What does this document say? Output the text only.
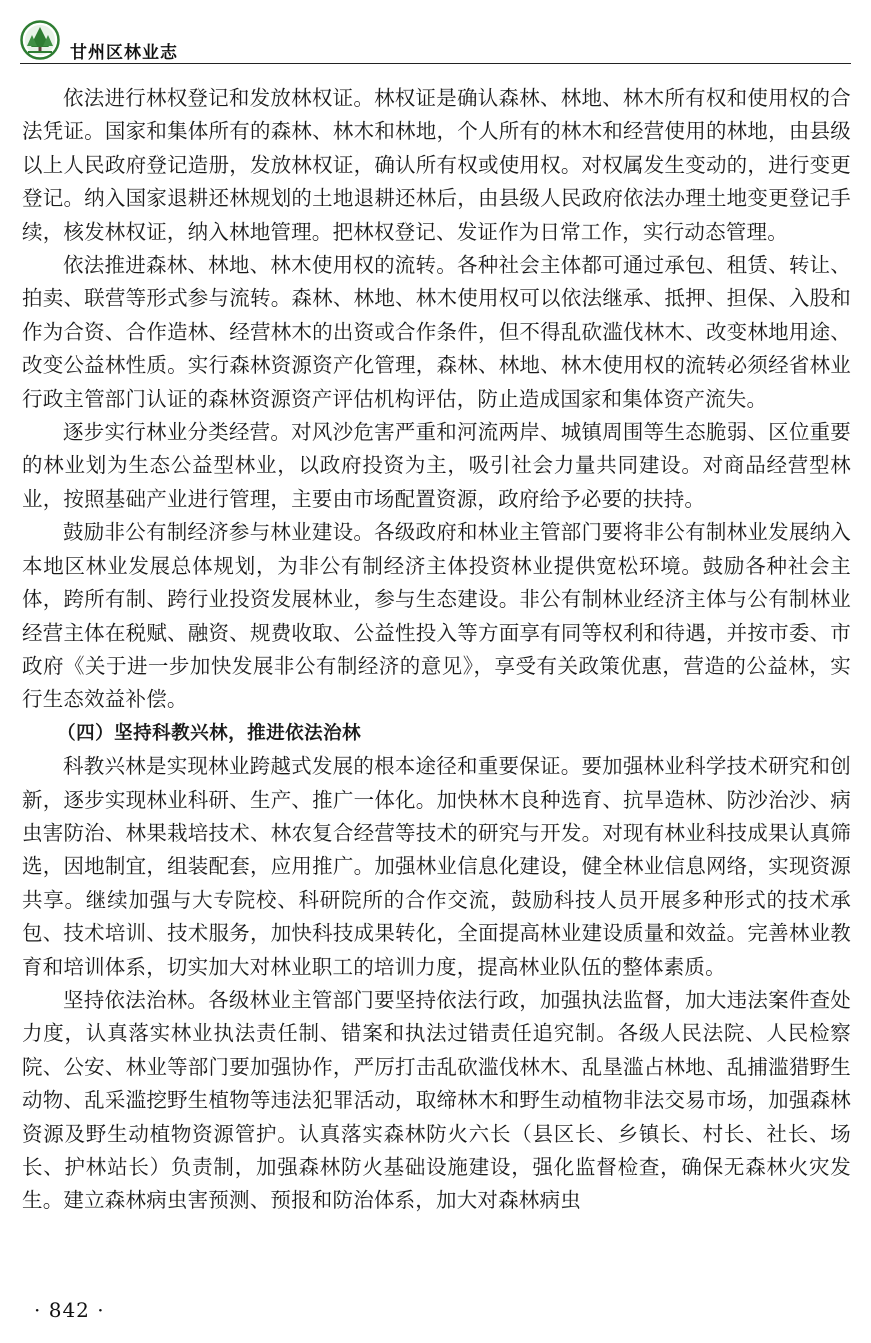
甘州区林业志

依法进行林权登记和发放林权证。林权证是确认森林、林地、林木所有权和使用权的合法凭证。国家和集体所有的森林、林木和林地，个人所有的林木和经营使用的林地，由县级以上人民政府登记造册，发放林权证，确认所有权或使用权。对权属发生变动的，进行变更登记。纳入国家退耕还林规划的土地退耕还林后，由县级人民政府依法办理土地变更登记手续，核发林权证，纳入林地管理。把林权登记、发证作为日常工作，实行动态管理。

依法推进森林、林地、林木使用权的流转。各种社会主体都可通过承包、租赁、转让、拍卖、联营等形式参与流转。森林、林地、林木使用权可以依法继承、抵押、担保、入股和作为合资、合作造林、经营林木的出资或合作条件，但不得乱砍滥伐林木、改变林地用途、改变公益林性质。实行森林资源资产化管理，森林、林地、林木使用权的流转必须经省林业行政主管部门认证的森林资源资产评估机构评估，防止造成国家和集体资产流失。

逐步实行林业分类经营。对风沙危害严重和河流两岸、城镇周围等生态脆弱、区位重要的林业划为生态公益型林业，以政府投资为主，吸引社会力量共同建设。对商品经营型林业，按照基础产业进行管理，主要由市场配置资源，政府给予必要的扶持。

鼓励非公有制经济参与林业建设。各级政府和林业主管部门要将非公有制林业发展纳入本地区林业发展总体规划，为非公有制经济主体投资林业提供宽松环境。鼓励各种社会主体，跨所有制、跨行业投资发展林业，参与生态建设。非公有制林业经济主体与公有制林业经营主体在税赋、融资、规费收取、公益性投入等方面享有同等权利和待遇，并按市委、市政府《关于进一步加快发展非公有制经济的意见》，享受有关政策优惠，营造的公益林，实行生态效益补偿。

（四）坚持科教兴林，推进依法治林

科教兴林是实现林业跨越式发展的根本途径和重要保证。要加强林业科学技术研究和创新，逐步实现林业科研、生产、推广一体化。加快林木良种选育、抗旱造林、防沙治沙、病虫害防治、林果栽培技术、林农复合经营等技术的研究与开发。对现有林业科技成果认真筛选，因地制宜，组装配套，应用推广。加强林业信息化建设，健全林业信息网络，实现资源共享。继续加强与大专院校、科研院所的合作交流，鼓励科技人员开展多种形式的技术承包、技术培训、技术服务，加快科技成果转化，全面提高林业建设质量和效益。完善林业教育和培训体系，切实加大对林业职工的培训力度，提高林业队伍的整体素质。

坚持依法治林。各级林业主管部门要坚持依法行政，加强执法监督，加大违法案件查处力度，认真落实林业执法责任制、错案和执法过错责任追究制。各级人民法院、人民检察院、公安、林业等部门要加强协作，严厉打击乱砍滥伐林木、乱垦滥占林地、乱捕滥猎野生动物、乱采滥挖野生植物等违法犯罪活动，取缔林木和野生动植物非法交易市场，加强森林资源及野生动植物资源管护。认真落实森林防火六长（县区长、乡镇长、村长、社长、场长、护林站长）负责制，加强森林防火基础设施建设，强化监督检查，确保无森林火灾发生。建立森林病虫害预测、预报和防治体系，加大对森林病虫

· 842 ·
